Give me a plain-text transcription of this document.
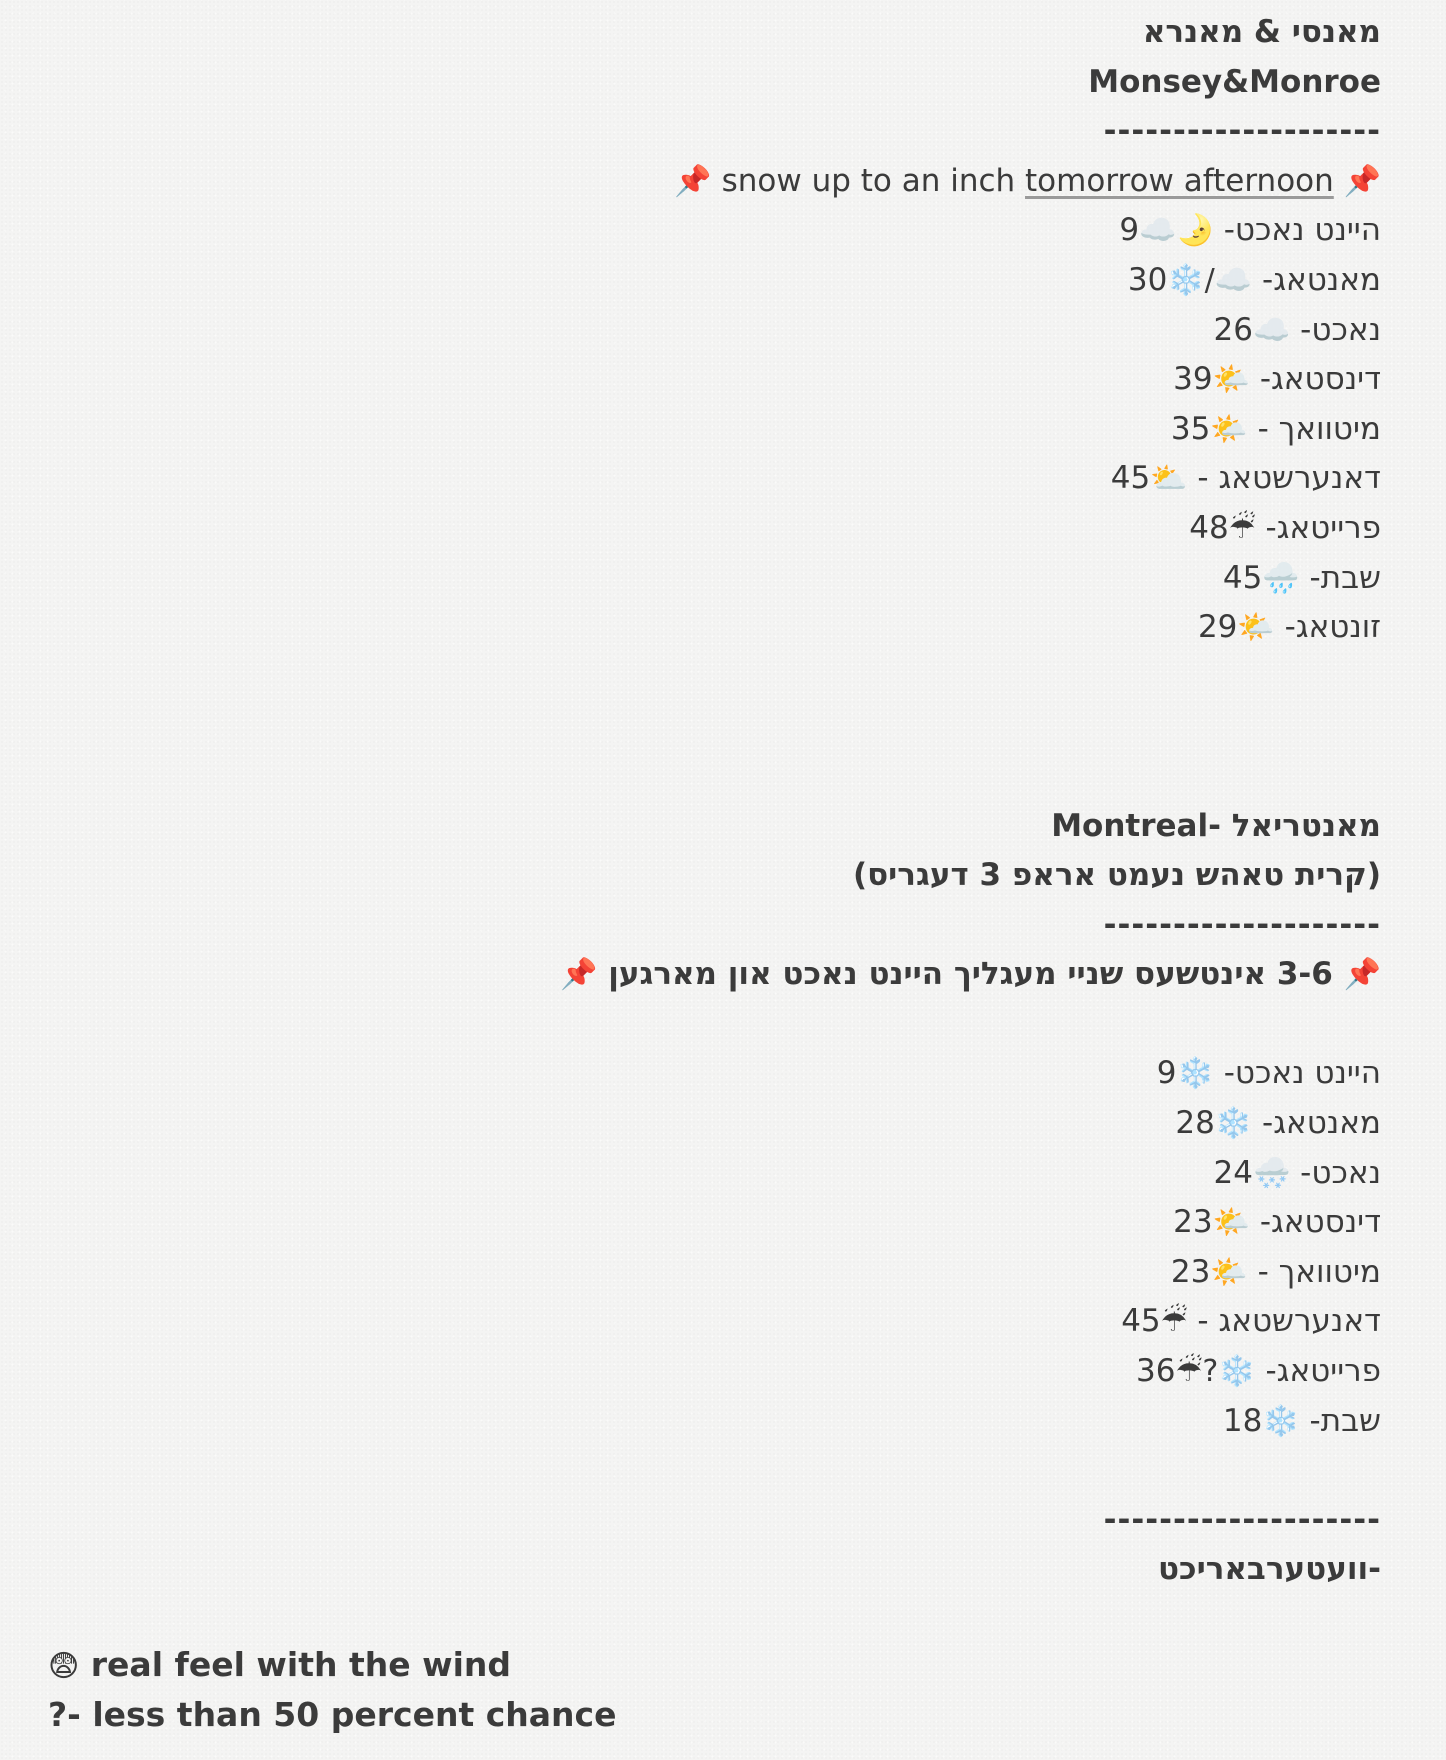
מאנסי & מאנרא
Monsey&Monroe
--------------------
📌 snow up to an inch tomorrow afternoon 📌
היינט נאכט- 🌛☁️9
מאנטאג- ☁️/❄️30
נאכט- ☁️26
דינסטאג- 🌤️39
מיטוואך - 🌤️35
דאנערשטאג - ⛅45
פרייטאג- ☔48
שבת- 🌧️45
זונטאג- 🌤️29
מאנטריאל -Montreal
(קרית טאהש נעמט אראפ 3 דעגריס)
--------------------
📌 3-6 אינטשעס שניי מעגליך היינט נאכט און מארגען 📌
היינט נאכט- ❄️9
מאנטאג- ❄️28
נאכט- 🌨️24
דינסטאג- 🌤️23
מיטוואך - 🌤️23
דאנערשטאג - ☔45
פרייטאג- ❄️?☔36
שבת- ❄️18
--------------------
-וועטערבאריכט
😨 real feel with the wind
?- less than 50 percent chance
